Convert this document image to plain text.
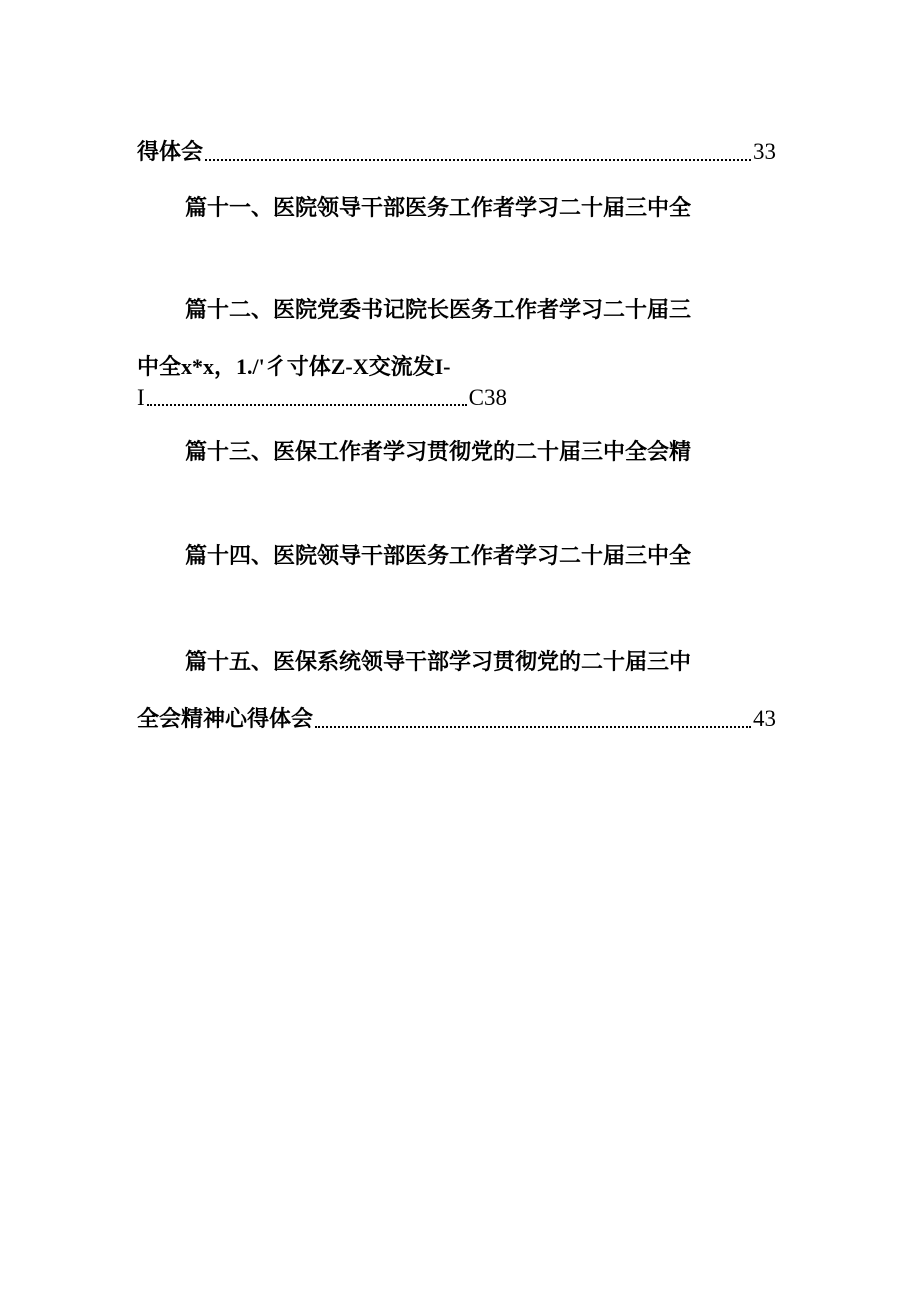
得体会	33
篇十一、医院领导干部医务工作者学习二十届三中全
篇十二、医院党委书记院长医务工作者学习二十届三
中全x*x，1./'彳寸体Z-X交流发I-
I	C38
篇十三、医保工作者学习贯彻党的二十届三中全会精
篇十四、医院领导干部医务工作者学习二十届三中全
篇十五、医保系统领导干部学习贯彻党的二十届三中
全会精神心得体会	43
